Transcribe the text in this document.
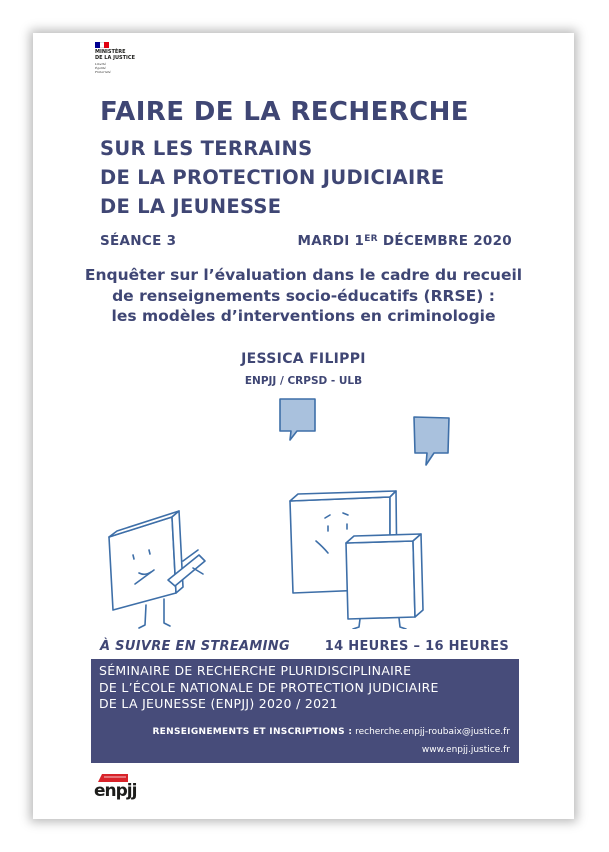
MINISTÈRE
DE LA JUSTICE
Liberté
Égalité
Fraternité
FAIRE DE LA RECHERCHE
SUR LES TERRAINS
DE LA PROTECTION JUDICIAIRE
DE LA JEUNESSE
SÉANCE 3	MARDI 1ER DÉCEMBRE 2020
Enquêter sur l’évaluation dans le cadre du recueil
de renseignements socio-éducatifs (RRSE) :
les modèles d’interventions en criminologie
JESSICA FILIPPI
ENPJJ / CRPSD - ULB
À SUIVRE EN STREAMING	14 HEURES – 16 HEURES
SÉMINAIRE DE RECHERCHE PLURIDISCIPLINAIRE
DE L’ÉCOLE NATIONALE DE PROTECTION JUDICIAIRE
DE LA JEUNESSE (ENPJJ) 2020 / 2021
RENSEIGNEMENTS ET INSCRIPTIONS : recherche.enpjj-roubaix@justice.fr
www.enpjj.justice.fr
enpjj
